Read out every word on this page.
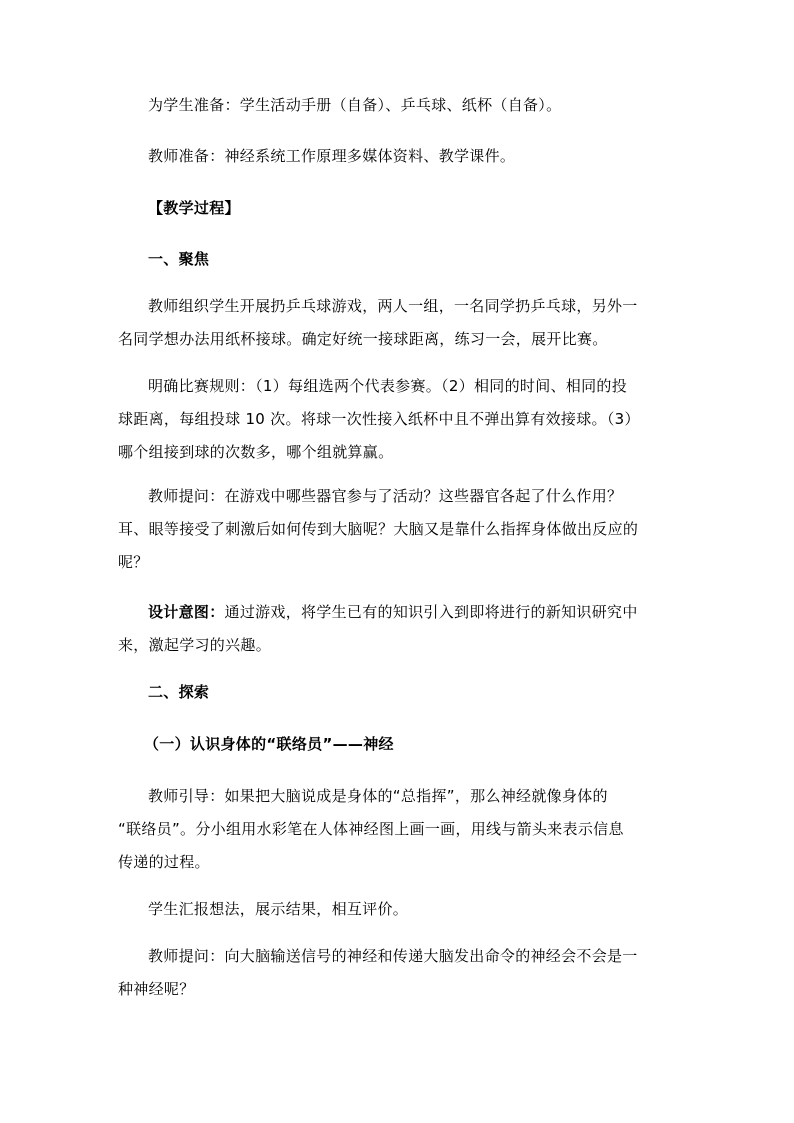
为学生准备：学生活动手册（自备）、乒乓球、纸杯（自备）。

教师准备：神经系统工作原理多媒体资料、教学课件。

【教学过程】

一、聚焦

教师组织学生开展扔乒乓球游戏，两人一组，一名同学扔乒乓球，另外一
名同学想办法用纸杯接球。确定好统一接球距离，练习一会，展开比赛。

明确比赛规则：（1）每组选两个代表参赛。（2）相同的时间、相同的投
球距离，每组投球 10 次。将球一次性接入纸杯中且不弹出算有效接球。（3）
哪个组接到球的次数多，哪个组就算赢。

教师提问：在游戏中哪些器官参与了活动？这些器官各起了什么作用？
耳、眼等接受了刺激后如何传到大脑呢？大脑又是靠什么指挥身体做出反应的
呢？

设计意图：通过游戏，将学生已有的知识引入到即将进行的新知识研究中
来，激起学习的兴趣。

二、探索

（一）认识身体的“联络员”——神经

教师引导：如果把大脑说成是身体的“总指挥”，那么神经就像身体的
“联络员”。分小组用水彩笔在人体神经图上画一画，用线与箭头来表示信息
传递的过程。

学生汇报想法，展示结果，相互评价。

教师提问：向大脑输送信号的神经和传递大脑发出命令的神经会不会是一
种神经呢？
